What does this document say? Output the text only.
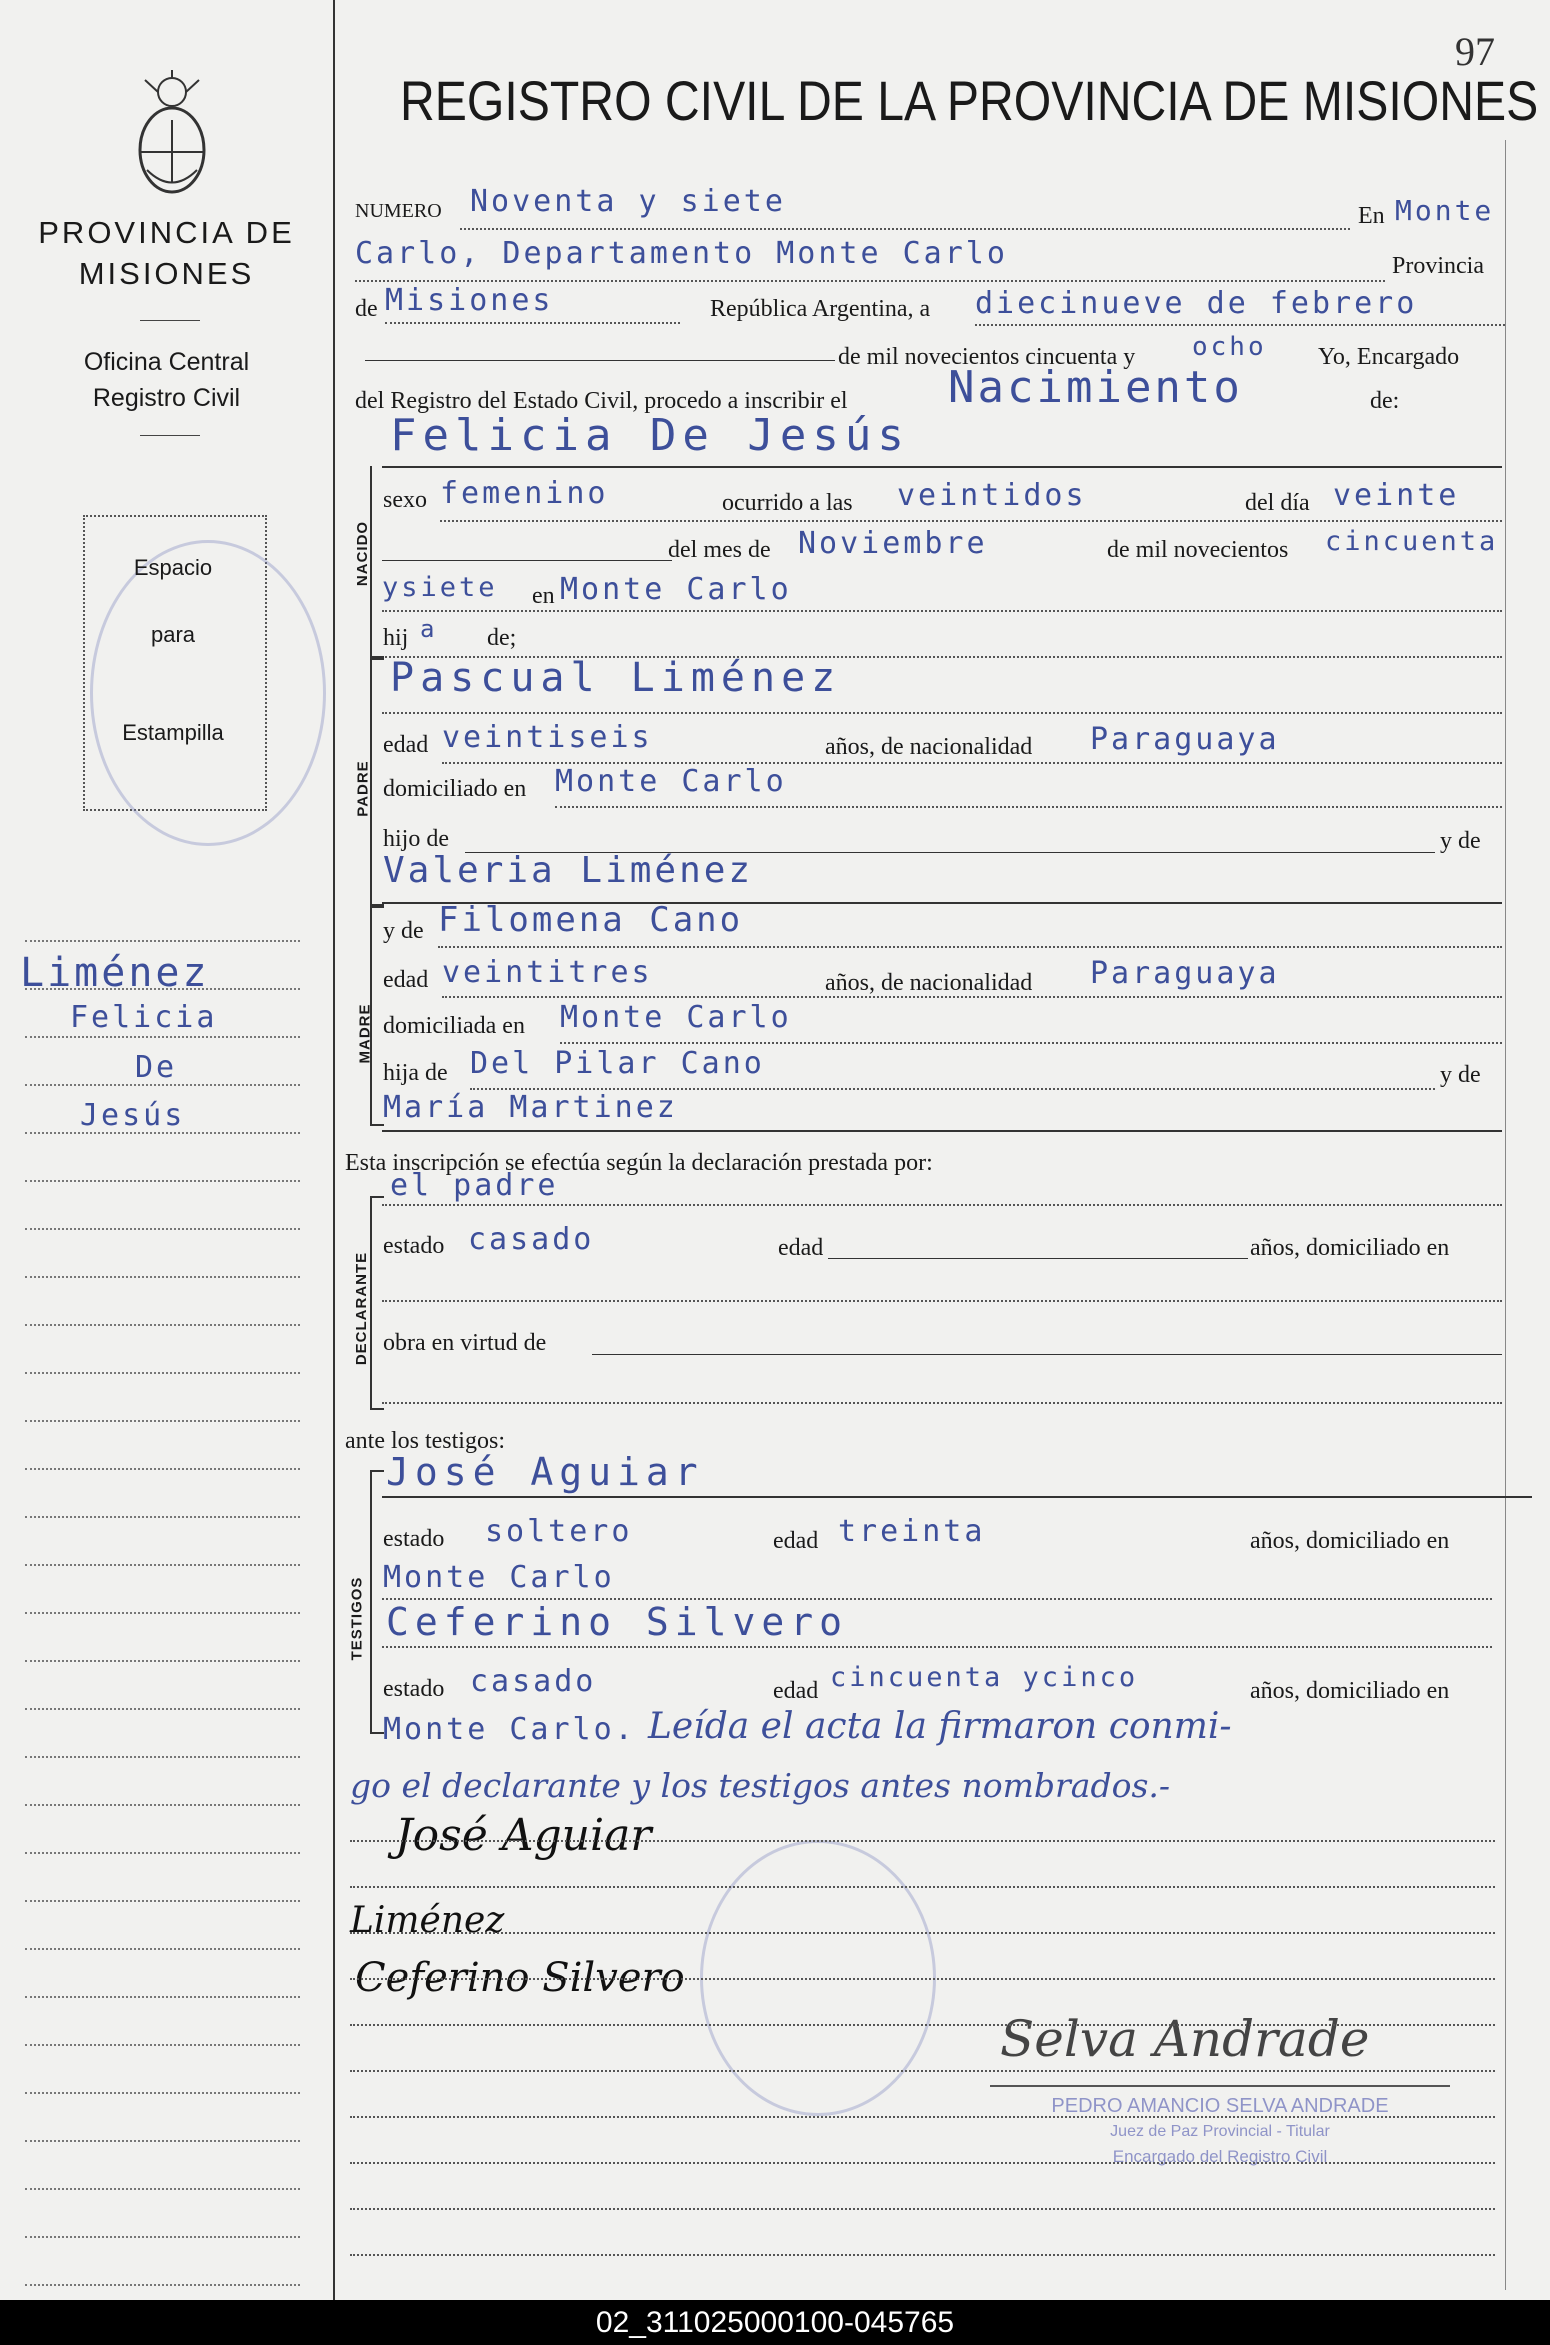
97
PROVINCIA DE
MISIONES
Oficina Central
Registro Civil
Espacio
para
Estampilla
Liménez
Felicia
De
Jesús
REGISTRO CIVIL DE LA PROVINCIA DE MISIONES
NUMERO Noventa y siete	En Monte
Carlo, Departamento Monte Carlo	Provincia
de Misiones	República Argentina, a diecinueve de febrero
de mil novecientos cincuenta y ocho Yo, Encargado
del Registro del Estado Civil, procedo a inscribir el Nacimiento	de:
Felicia De Jesús
NACIDO
sexo femenino	ocurrido a las veintidos	del día veinte
del mes de Noviembre	de mil novecientos cincuenta
ysiete en Monte Carlo
hij a de;
PADRE
Pascual Liménez
edad veintiseis	años, de nacionalidad Paraguaya
domiciliado en Monte Carlo
hijo de	y de
Valeria Liménez
MADRE
y de Filomena Cano
edad veintitres	años, de nacionalidad Paraguaya
domiciliada en Monte Carlo
hija de Del Pilar Cano	y de
María Martinez
Esta inscripción se efectúa según la declaración prestada por:
DECLARANTE
el padre
estado casado	edad	años, domiciliado en
obra en virtud de
ante los testigos:
TESTIGOS
José Aguiar
estado soltero	edad treinta	años, domiciliado en
Monte Carlo
Ceferino Silvero
estado casado	edad cincuenta ycinco	años, domiciliado en
Monte Carlo. Leída el acta la firmaron conmi-
go el declarante y los testigos antes nombrados.-
José Aguiar
Liménez
Ceferino Silvero
Selva Andrade
PEDRO AMANCIO SELVA ANDRADE
Juez de Paz Provincial - Titular
Encargado del Registro Civil
02_311025000100-045765
